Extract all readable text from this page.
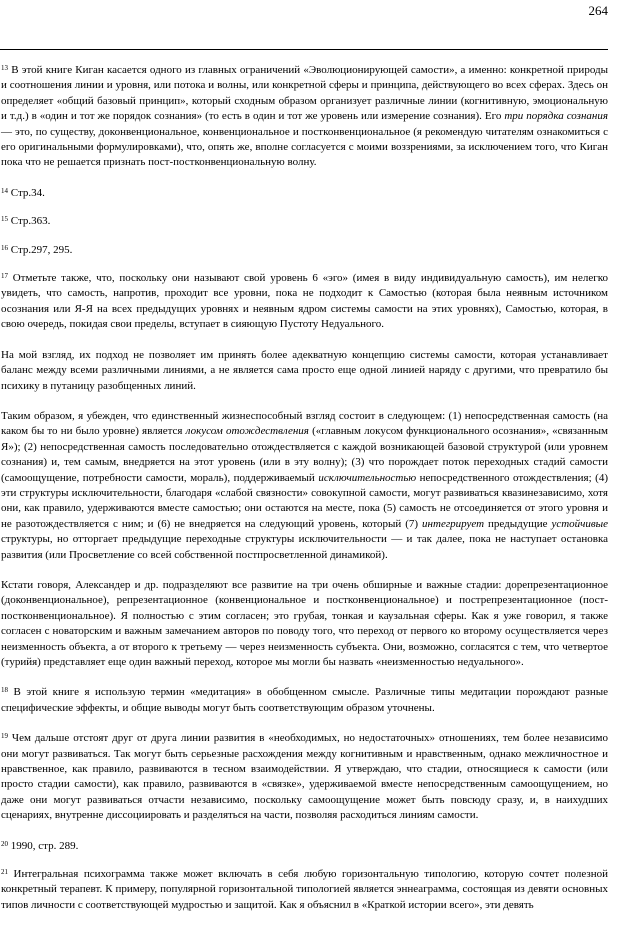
264
$^{13}$ В этой книге Киган касается одного из главных ограничений «Эволюционирующей самости», а именно: конкретной природы и соотношения линии и уровня, или потока и волны, или конкретной сферы и принципа, действующего во всех сферах. Здесь он определяет «общий базовый принцип», который сходным образом организует различные линии (когнитивную, эмоциональную и т.д.) в «один и тот же порядок сознания» (то есть в один и тот же уровень или измерение сознания). Его три порядка сознания — это, по существу, доконвенциональное, конвенциональное и постконвенциональное (я рекомендую читателям ознакомиться с его оригинальными формулировками), что, опять же, вполне согласуется с моими воззрениями, за исключением того, что Киган пока что не решается признать пост-постконвенциональную волну.
$^{14}$ Стр.34.
$^{15}$ Стр.363.
$^{16}$ Стр.297, 295.
$^{17}$ Отметьте также, что, поскольку они называют свой уровень 6 «эго» (имея в виду индивидуальную самость), им нелегко увидеть, что самость, напротив, проходит все уровни, пока не подходит к Самостью (которая была неявным источником осознания или Я-Я на всех предыдущих уровнях и неявным ядром системы самости на этих уровнях), Самостью, которая, в свою очередь, покидая свои пределы, вступает в сияющую Пустоту Недуального.
На мой взгляд, их подход не позволяет им принять более адекватную концепцию системы самости, которая устанавливает баланс между всеми различными линиями, а не является сама просто еще одной линией наряду с другими, что превратило бы психику в путаницу разобщенных линий.
Таким образом, я убежден, что единственный жизнеспособный взгляд состоит в следующем: (1) непосредственная самость (на каком бы то ни было уровне) является локусом отождествления («главным локусом функционального осознания», «связанным Я»); (2) непосредственная самость последовательно отождествляется с каждой возникающей базовой структурой (или уровнем сознания) и, тем самым, внедряется на этот уровень (или в эту волну); (3) что порождает поток переходных стадий самости (самоощущение, потребности самости, мораль), поддерживаемый исключительностью непосредственного отождествления; (4) эти структуры исключительности, благодаря «слабой связности» совокупной самости, могут развиваться квазинезависимо, хотя они, как правило, удерживаются вместе самостью; они остаются на месте, пока (5) самость не отсоединяется от этого уровня и не разотождествляется с ним; и (6) не внедряется на следующий уровень, который (7) интегрирует предыдущие устойчивые структуры, но отторгает предыдущие переходные структуры исключительности — и так далее, пока не наступает остановка развития (или Просветление со всей собственной постпросветленной динамикой).
Кстати говоря, Александер и др. подразделяют все развитие на три очень обширные и важные стадии: дорепрезентационное (доконвенциональное), репрезентационное (конвенциональное и постконвенциональное) и пострепрезентационное (пост-постконвенциональное). Я полностью с этим согласен; это грубая, тонкая и каузальная сферы. Как я уже говорил, я также согласен с новаторским и важным замечанием авторов по поводу того, что переход от первого ко второму осуществляется через неизменность объекта, а от второго к третьему — через неизменность субъекта. Они, возможно, согласятся с тем, что четвертое (турийя) представляет еще один важный переход, которое мы могли бы назвать «неизменностью недуального».
$^{18}$ В этой книге я использую термин «медитация» в обобщенном смысле. Различные типы медитации порождают разные специфические эффекты, и общие выводы могут быть соответствующим образом уточнены.
$^{19}$ Чем дальше отстоят друг от друга линии развития в «необходимых, но недостаточных» отношениях, тем более независимо они могут развиваться. Так могут быть серьезные расхождения между когнитивным и нравственным, однако межличностное и нравственное, как правило, развиваются в тесном взаимодействии. Я утверждаю, что стадии, относящиеся к самости (или просто стадии самости), как правило, развиваются в «связке», удерживаемой вместе непосредственным самоощущением, но даже они могут развиваться отчасти независимо, поскольку самоощущение может быть повсюду сразу, и, в наихудших сценариях, внутренне диссоциировать и разделяться на части, позволяя расходиться линиям самости.
$^{20}$ 1990, стр. 289.
$^{21}$ Интегральная психограмма также может включать в себя любую горизонтальную типологию, которую сочтет полезной конкретный терапевт. К примеру, популярной горизонтальной типологией является эннеаграмма, состоящая из девяти основных типов личности с соответствующей мудростью и защитой. Как я объяснил в «Краткой истории всего», эти девять
